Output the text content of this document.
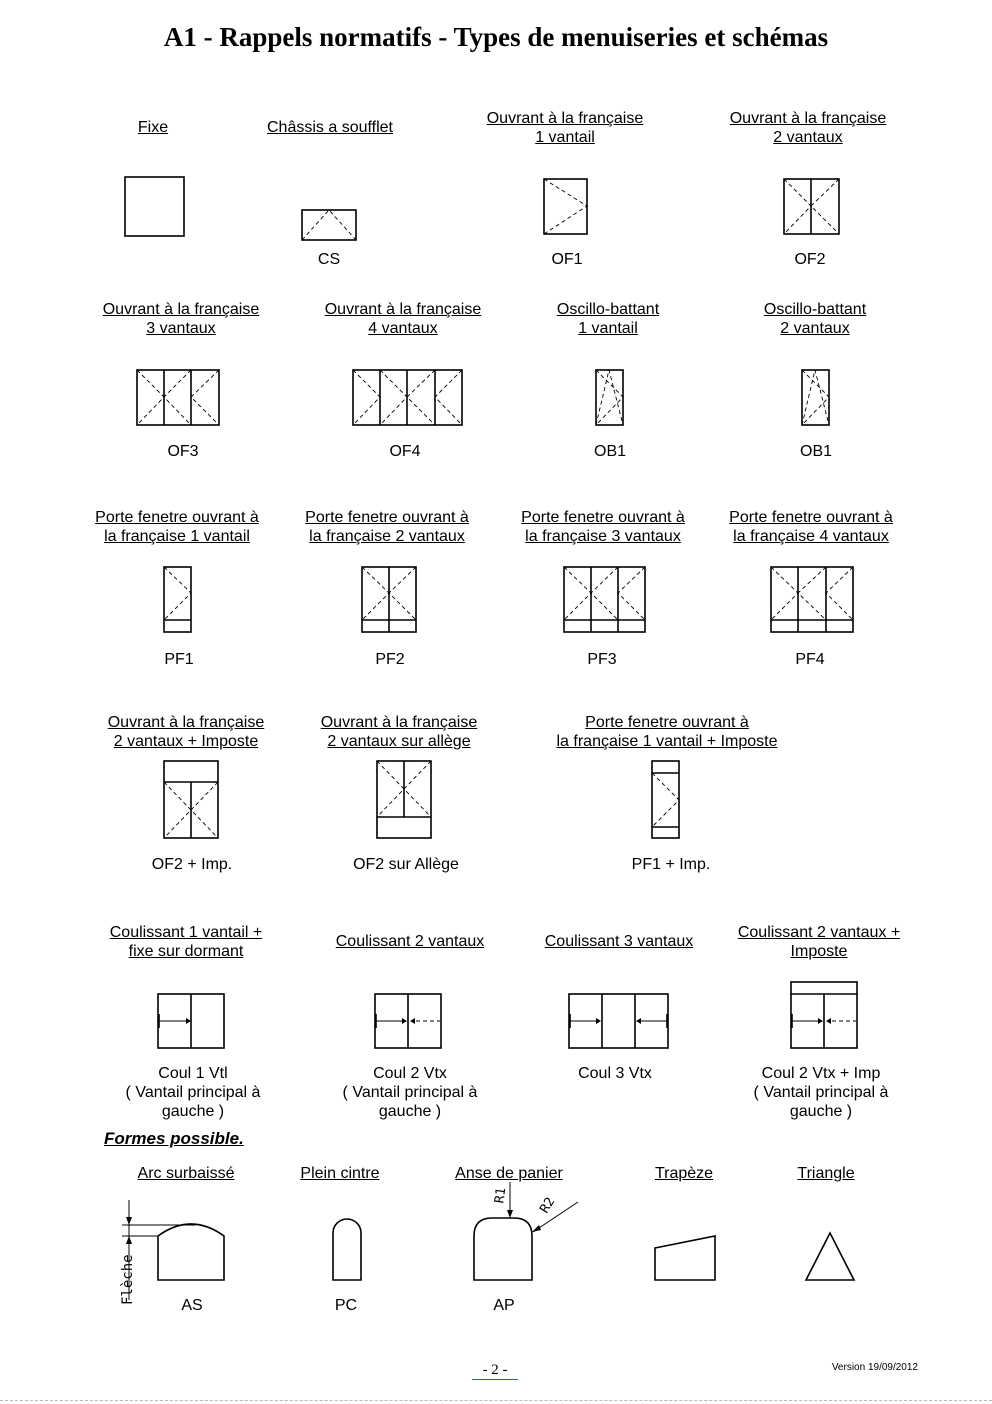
A1 - Rappels normatifs - Types de menuiseries et schémas
Fixe	Châssis a soufflet
Ouvrant à la française
1 vantail
Ouvrant à la française
2 vantaux
CS	OF1	OF2
Ouvrant à la française
3 vantaux
Ouvrant à la française
4 vantaux
Oscillo-battant
1 vantail
Oscillo-battant
2 vantaux
OF3	OF4	OB1	OB1
Porte fenetre ouvrant à
la française 1 vantail
Porte fenetre ouvrant à
la française 2 vantaux
Porte fenetre ouvrant à
la française 3 vantaux
Porte fenetre ouvrant à
la française 4 vantaux
PF1	PF2	PF3	PF4
Ouvrant à la française
2 vantaux + Imposte
Ouvrant à la française
2 vantaux sur allège
Porte fenetre ouvrant à
la française 1 vantail + Imposte
OF2 + Imp.	OF2 sur Allège	PF1 + Imp.
Coulissant 1 vantail +
fixe sur dormant
Coulissant 2 vantaux	Coulissant 3 vantaux
Coulissant 2 vantaux +
Imposte
Coul 1 Vtl
( Vantail principal à
gauche )
Coul 2 Vtx
( Vantail principal à
gauche )
Coul 3 Vtx	Coul 2 Vtx + Imp
( Vantail principal à
gauche )
Formes possible.
Arc surbaissé	Plein cintre	Anse de panier	Trapèze	Triangle
AS	PC	AP
Flèche
R1 R2
- 2 -	Version 19/09/2012
